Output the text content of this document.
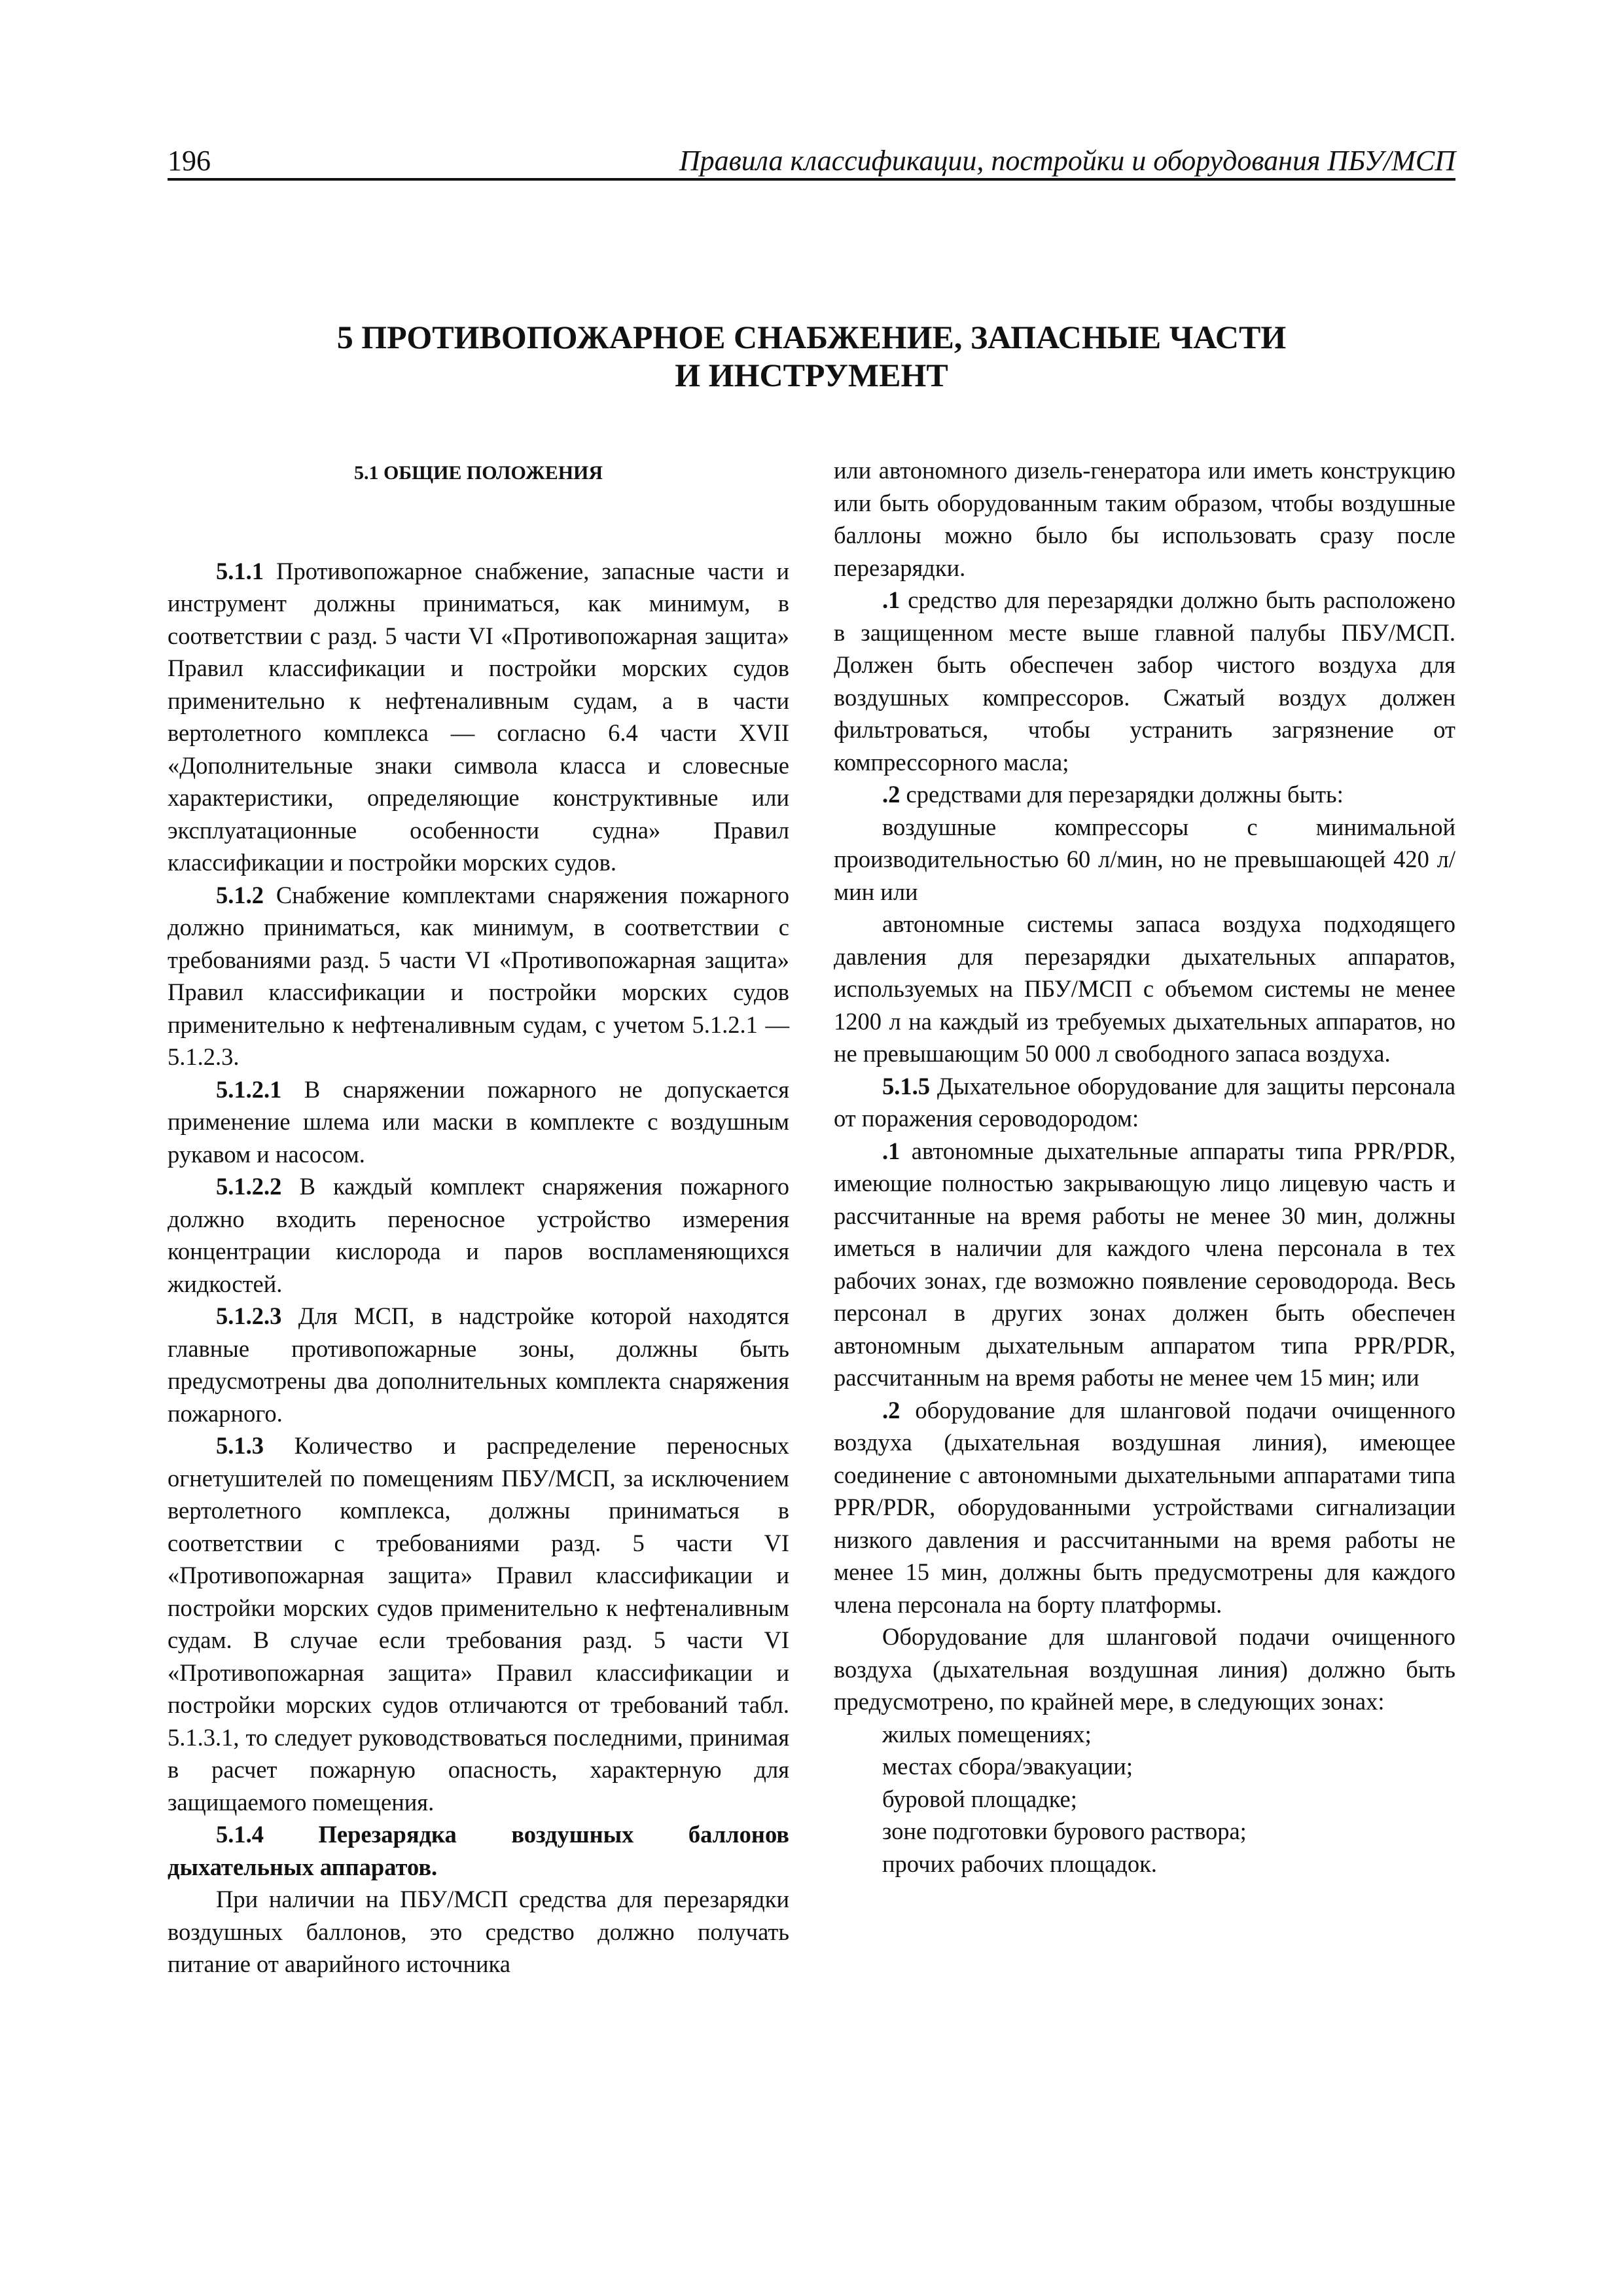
196	Правила классификации, постройки и оборудования ПБУ/МСП
5 ПРОТИВОПОЖАРНОЕ СНАБЖЕНИЕ, ЗАПАСНЫЕ ЧАСТИ
И ИНСТРУМЕНТ

5.1 ОБЩИЕ ПОЛОЖЕНИЯ

5.1.1 Противопожарное снабжение, запасные части и инструмент должны приниматься, как минимум, в соответствии с разд. 5 части VI «Противопожарная защита» Правил классификации и постройки морских судов применительно к нефтеналивным судам, а в части вертолетного комплекса — согласно 6.4 части XVII «Дополнительные знаки символа класса и словесные характеристики, определяющие конструктивные или эксплуатационные особенности судна» Правил классификации и постройки морских судов.

5.1.2 Снабжение комплектами снаряжения пожарного должно приниматься, как минимум, в соответствии с требованиями разд. 5 части VI «Противопожарная защита» Правил классификации и постройки морских судов применительно к нефтеналивным судам, с учетом 5.1.2.1 — 5.1.2.3.

5.1.2.1 В снаряжении пожарного не допускается применение шлема или маски в комплекте с воздушным рукавом и насосом.

5.1.2.2 В каждый комплект снаряжения пожарного должно входить переносное устройство измерения концентрации кислорода и паров воспламеняющихся жидкостей.

5.1.2.3 Для МСП, в надстройке которой находятся главные противопожарные зоны, должны быть предусмотрены два дополнительных комплекта снаряжения пожарного.

5.1.3 Количество и распределение переносных огнетушителей по помещениям ПБУ/МСП, за исключением вертолетного комплекса, должны приниматься в соответствии с требованиями разд. 5 части VI «Противопожарная защита» Правил классификации и постройки морских судов применительно к нефтеналивным судам. В случае если требования разд. 5 части VI «Противопожарная защита» Правил классификации и постройки морских судов отличаются от требований табл. 5.1.3.1, то следует руководствоваться последними, принимая в расчет пожарную опасность, характерную для защищаемого помещения.

5.1.4 Перезарядка воздушных баллонов дыхательных аппаратов.

При наличии на ПБУ/МСП средства для перезарядки воздушных баллонов, это средство должно получать питание от аварийного источника

или автономного дизель-генератора или иметь конструкцию или быть оборудованным таким образом, чтобы воздушные баллоны можно было бы использовать сразу после перезарядки.

.1 средство для перезарядки должно быть расположено в защищенном месте выше главной палубы ПБУ/МСП. Должен быть обеспечен забор чистого воздуха для воздушных компрессоров. Сжатый воздух должен фильтроваться, чтобы устранить загрязнение от компрессорного масла;

.2 средствами для перезарядки должны быть:

воздушные компрессоры с минимальной производительностью 60 л/мин, но не превышающей 420 л/мин или

автономные системы запаса воздуха подходящего давления для перезарядки дыхательных аппаратов, используемых на ПБУ/МСП с объемом системы не менее 1200 л на каждый из требуемых дыхательных аппаратов, но не превышающим 50 000 л свободного запаса воздуха.

5.1.5 Дыхательное оборудование для защиты персонала от поражения сероводородом:

.1 автономные дыхательные аппараты типа PPR/PDR, имеющие полностью закрывающую лицо лицевую часть и рассчитанные на время работы не менее 30 мин, должны иметься в наличии для каждого члена персонала в тех рабочих зонах, где возможно появление сероводорода. Весь персонал в других зонах должен быть обеспечен автономным дыхательным аппаратом типа PPR/PDR, рассчитанным на время работы не менее чем 15 мин; или

.2 оборудование для шланговой подачи очищенного воздуха (дыхательная воздушная линия), имеющее соединение с автономными дыхательными аппаратами типа PPR/PDR, оборудованными устройствами сигнализации низкого давления и рассчитанными на время работы не менее 15 мин, должны быть предусмотрены для каждого члена персонала на борту платформы.

Оборудование для шланговой подачи очищенного воздуха (дыхательная воздушная линия) должно быть предусмотрено, по крайней мере, в следующих зонах:

жилых помещениях;

местах сбора/эвакуации;

буровой площадке;

зоне подготовки бурового раствора;

прочих рабочих площадок.
